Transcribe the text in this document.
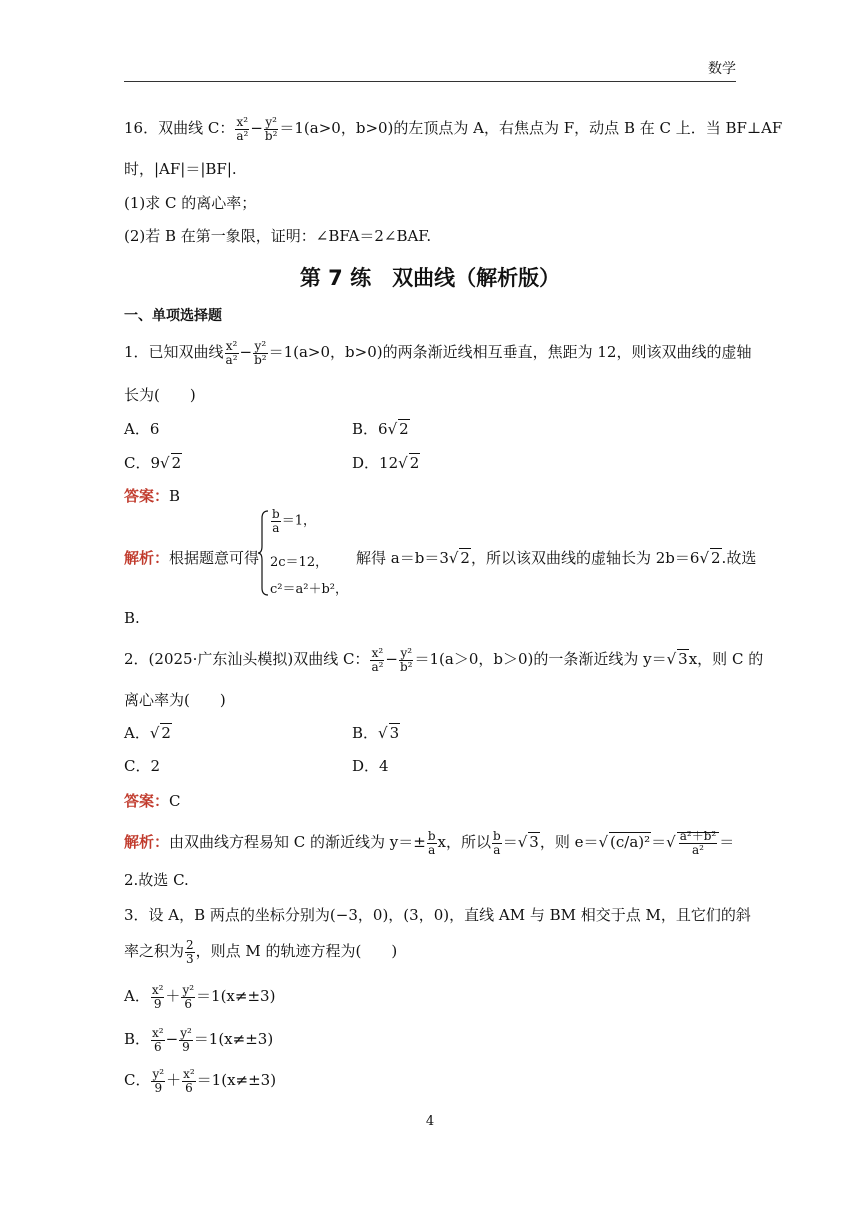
数学
16．双曲线 C： $\frac{\text{x²}}{\text{a²}} - \frac{\text{y²}}{\text{b²}} =1(a>0$，b>0)的左顶点为 A，右焦点为 F，动点 B 在 C 上．当 BF⊥AF
时，|AF|＝|BF|.
(1)求 C 的离心率；
(2)若 B 在第一象限，证明：∠BFA＝2∠BAF.
第 7 练　双曲线（解析版）
一、单项选择题
1．已知双曲线 $\frac{\text{x²}}{\text{a²}} - \frac{\text{y²}}{\text{b²}} =1(a>0$，b>0)的两条渐近线相互垂直，焦距为 12，则该双曲线的虚轴
长为(　　)
A．6	B．6√ 2
C．9√ 2	D．12√ 2
答案：B
解析：根据题意可得
$\frac{b}{a} =1$，
2c＝12，
c²＝a²＋b²，
解得 a＝b＝3√ 2，所以该双曲线的虚轴长为 2b＝6√ 2.故选
B.
2．(2025·广东汕头模拟)双曲线 C： $\frac{\text{x²}}{\text{a²}} - \frac{\text{y²}}{\text{b²}} =1(a>0$，b＞0)的一条渐近线为 y＝√ 3x，则 C 的
离心率为(　　)
A．√ 2	B．√ 3
C．2	D．4
答案：C
解析：由双曲线方程易知 C 的渐近线为 $y=\pm \frac{b}{a}$ x，所以 $\frac{b}{a}$ ＝√ 3，则 e＝√ $(c/a)^2=√ \frac{\text{a²＋b²}}{\text{a²}}$ ＝
2.故选 C.
3．设 A，B 两点的坐标分别为(−3，0)，(3，0)，直线 AM 与 BM 相交于点 M，且它们的斜
率之积为 $\frac{2}{3}$ ，则点 M 的轨迹方程为(　　)
A． $\frac{\text{x²}}{9} + \frac{\text{y²}}{6} =1(x\ne\pm 3)$
B． $\frac{\text{x²}}{6} - \frac{\text{y²}}{9} =1(x\ne\pm 3)$
C． $\frac{\text{y²}}{9} + \frac{\text{x²}}{6} =1(x\ne\pm 3)$
4
